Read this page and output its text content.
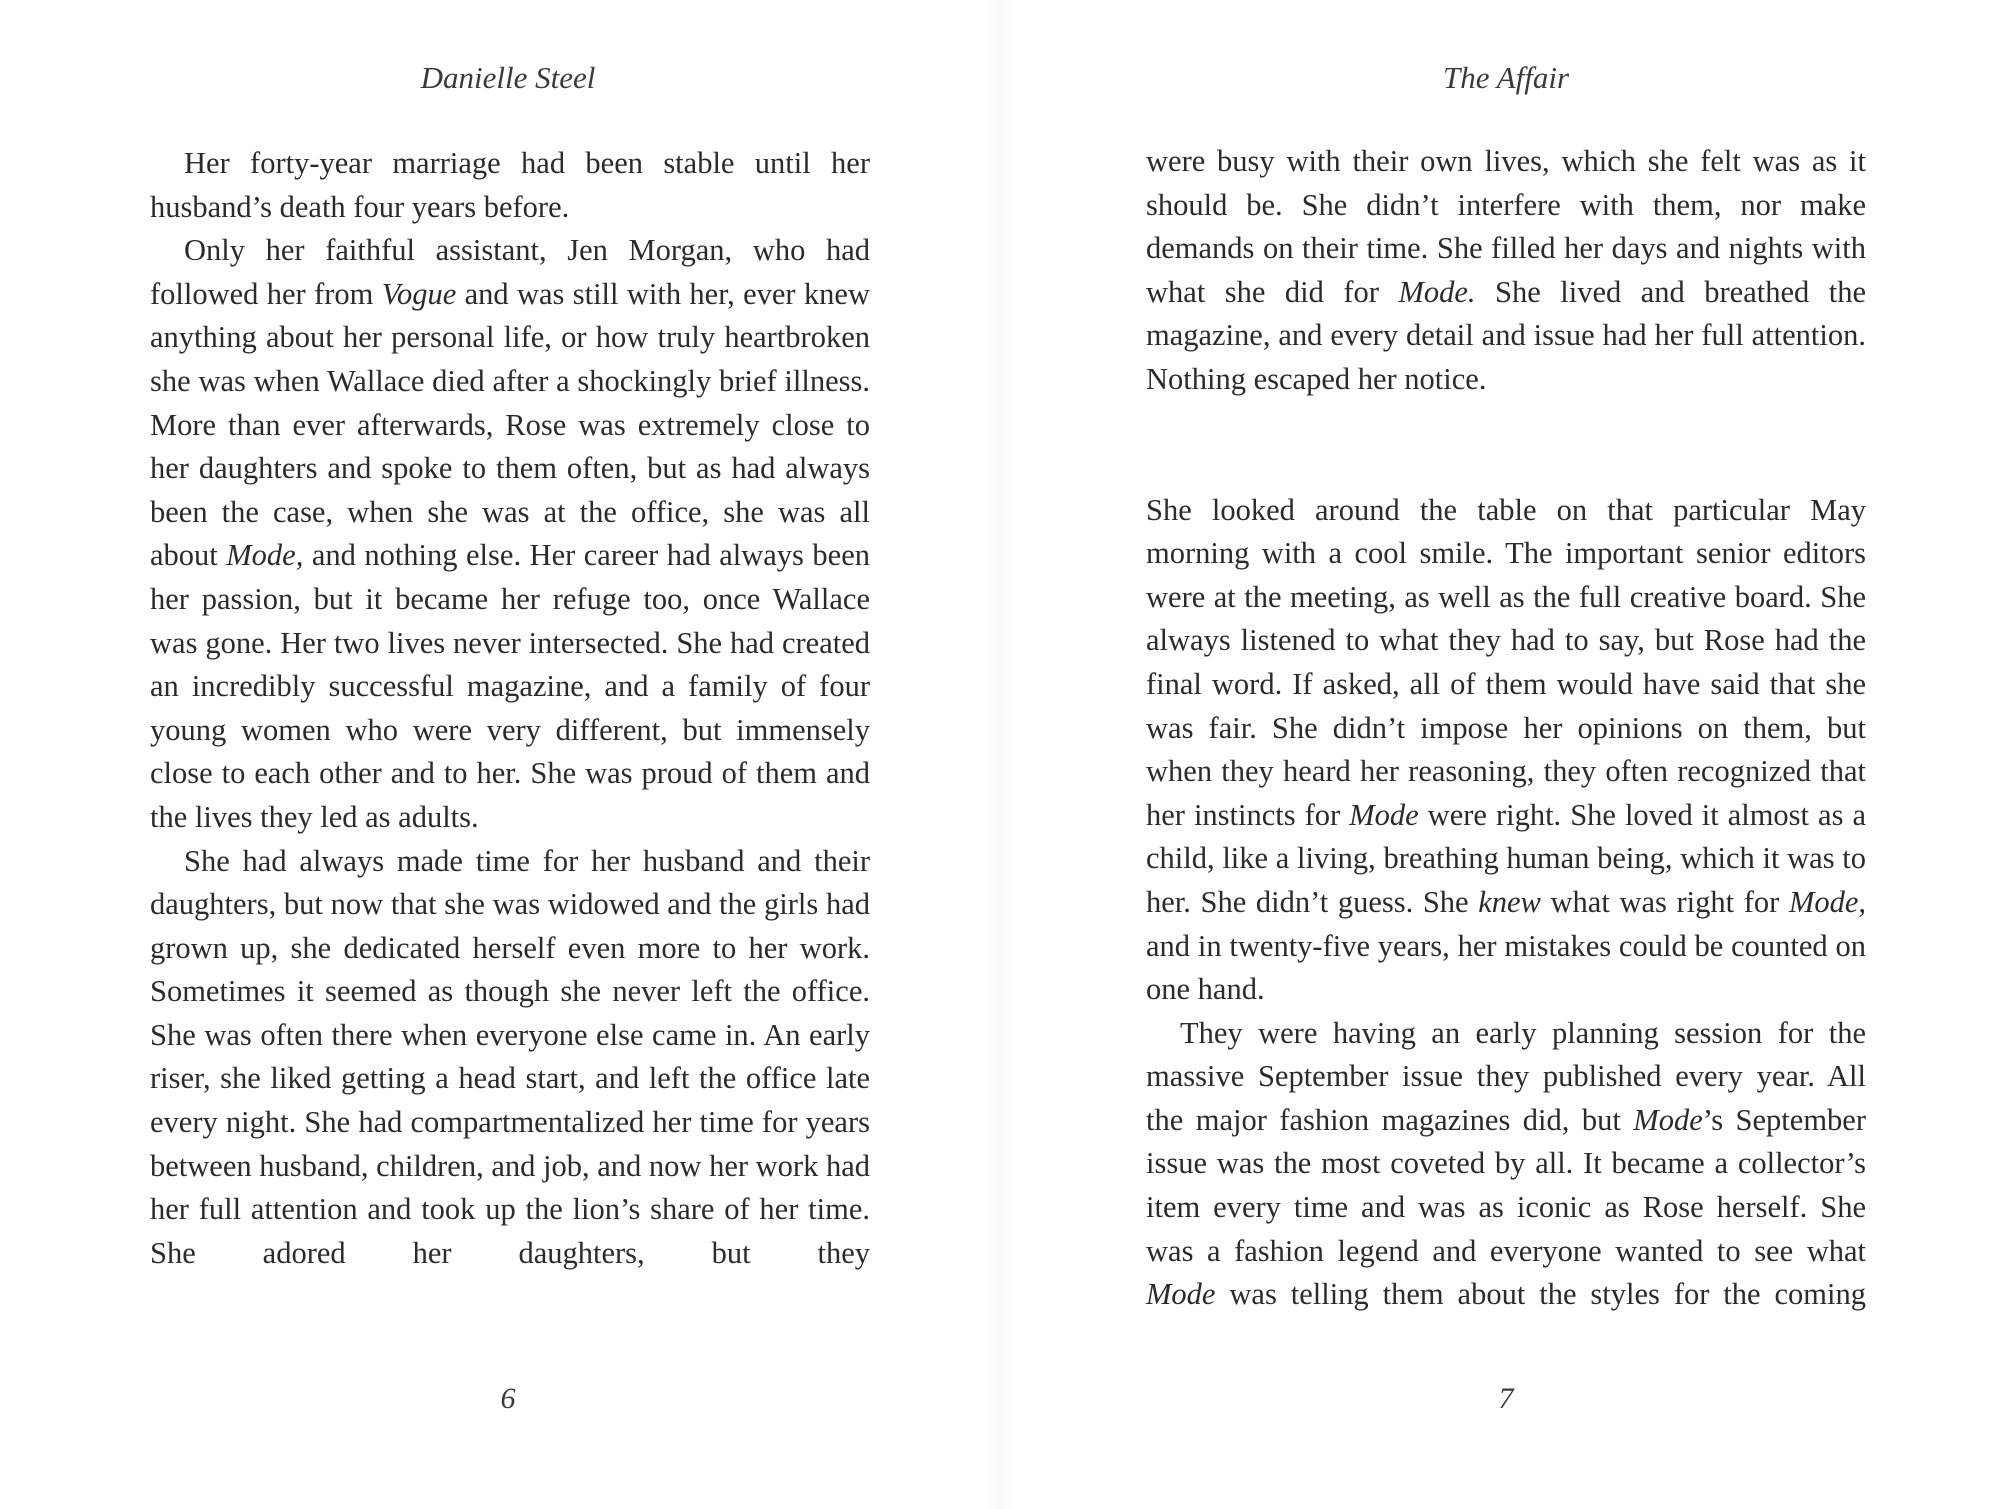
Danielle Steel

Her forty-year marriage had been stable until her husband’s death four years before.

Only her faithful assistant, Jen Morgan, who had followed her from Vogue and was still with her, ever knew anything about her personal life, or how truly heartbroken she was when Wallace died after a shockingly brief illness. More than ever afterwards, Rose was extremely close to her daughters and spoke to them often, but as had always been the case, when she was at the office, she was all about Mode, and nothing else. Her career had always been her passion, but it became her refuge too, once Wallace was gone. Her two lives never intersected. She had created an incredibly successful magazine, and a family of four young women who were very different, but immensely close to each other and to her. She was proud of them and the lives they led as adults.

She had always made time for her husband and their daughters, but now that she was widowed and the girls had grown up, she dedicated herself even more to her work. Sometimes it seemed as though she never left the office. She was often there when everyone else came in. An early riser, she liked getting a head start, and left the office late every night. She had compartmentalized her time for years between husband, children, and job, and now her work had her full attention and took up the lion’s share of her time. She adored her daughters, but they

6
The Affair

were busy with their own lives, which she felt was as it should be. She didn’t interfere with them, nor make demands on their time. She filled her days and nights with what she did for Mode. She lived and breathed the magazine, and every detail and issue had her full attention. Nothing escaped her notice.

She looked around the table on that particular May morning with a cool smile. The important senior editors were at the meeting, as well as the full creative board. She always listened to what they had to say, but Rose had the final word. If asked, all of them would have said that she was fair. She didn’t impose her opinions on them, but when they heard her reasoning, they often recognized that her instincts for Mode were right. She loved it almost as a child, like a living, breathing human being, which it was to her. She didn’t guess. She knew what was right for Mode, and in twenty-five years, her mistakes could be counted on one hand.

They were having an early planning session for the massive September issue they published every year. All the major fashion magazines did, but Mode’s September issue was the most coveted by all. It became a collector’s item every time and was as iconic as Rose herself. She was a fashion legend and everyone wanted to see what Mode was telling them about the styles for the coming

7
